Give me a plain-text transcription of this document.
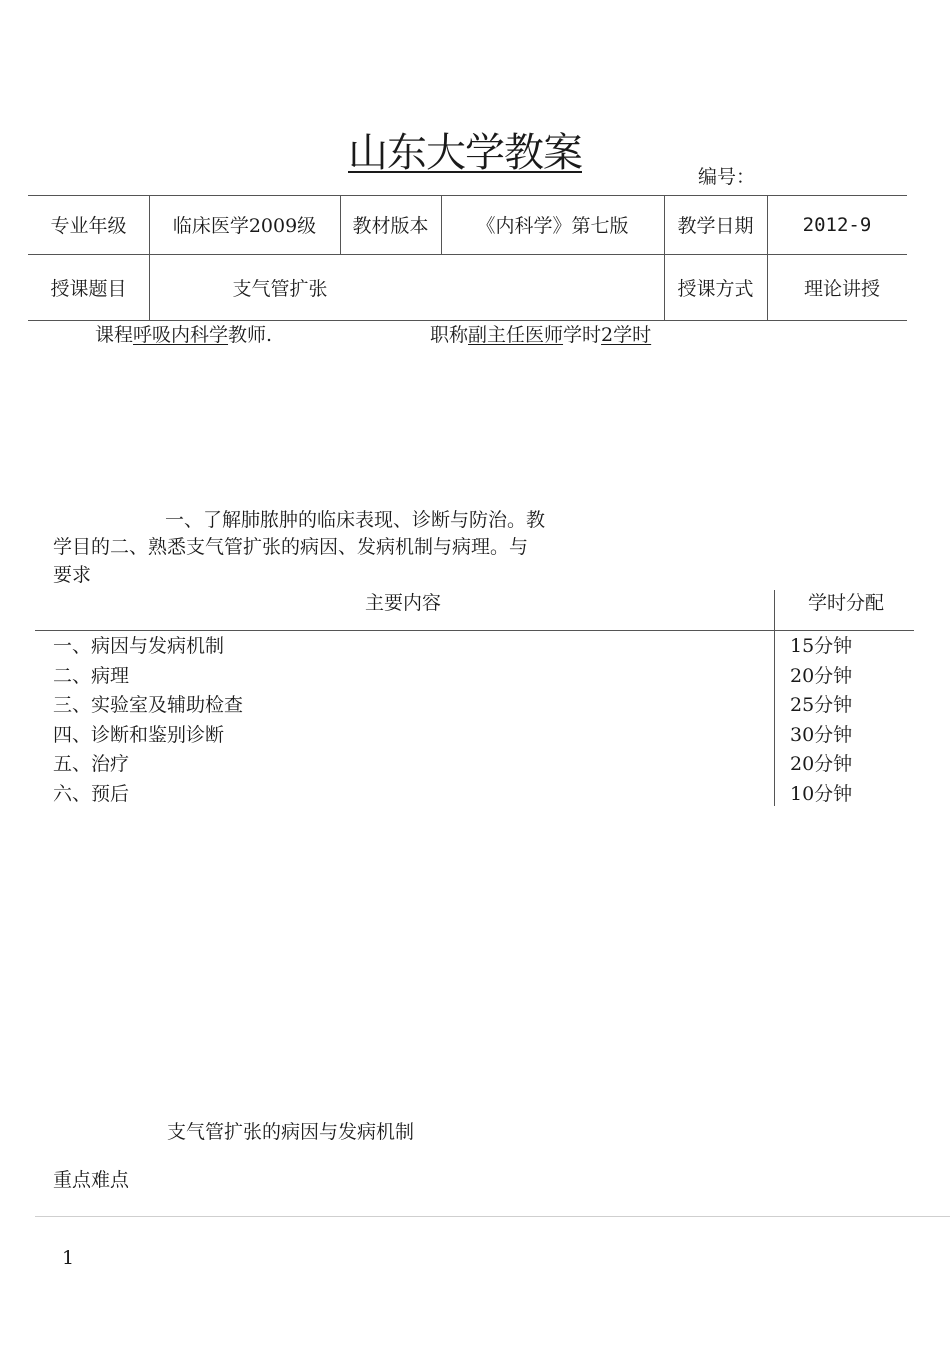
山东大学教案
编号：
专业年级	临床医学2009级	教材版本	《内科学》第七版	教学日期	2012-9
授课题目	支气管扩张	授课方式	理论讲授
课程呼吸内科学教师.	职称副主任医师学时2学时
一、了解肺脓肿的临床表现、诊断与防治。教
学目的二、熟悉支气管扩张的病因、发病机制与病理。与
要求
主要内容	学时分配
一、病因与发病机制	15分钟
二、病理	20分钟
三、实验室及辅助检查	25分钟
四、诊断和鉴别诊断	30分钟
五、治疗	20分钟
六、预后	10分钟
支气管扩张的病因与发病机制
重点难点
1
